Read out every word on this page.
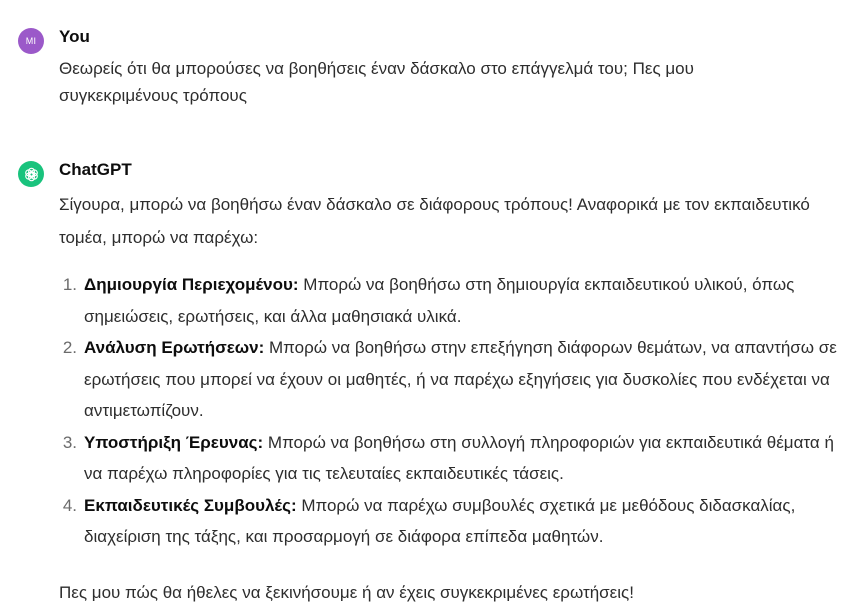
MI	You
Θεωρείς ότι θα μπορούσες να βοηθήσεις έναν δάσκαλο στο επάγγελμά του; Πες μου συγκεκριμένους τρόπους
ChatGPT
Σίγουρα, μπορώ να βοηθήσω έναν δάσκαλο σε διάφορους τρόπους! Αναφορικά με τον εκπαιδευτικό τομέα, μπορώ να παρέχω:
1. Δημιουργία Περιεχομένου: Μπορώ να βοηθήσω στη δημιουργία εκπαιδευτικού υλικού, όπως σημειώσεις, ερωτήσεις, και άλλα μαθησιακά υλικά.
2. Ανάλυση Ερωτήσεων: Μπορώ να βοηθήσω στην επεξήγηση διάφορων θεμάτων, να απαντήσω σε ερωτήσεις που μπορεί να έχουν οι μαθητές, ή να παρέχω εξηγήσεις για δυσκολίες που ενδέχεται να αντιμετωπίζουν.
3. Υποστήριξη Έρευνας: Μπορώ να βοηθήσω στη συλλογή πληροφοριών για εκπαιδευτικά θέματα ή να παρέχω πληροφορίες για τις τελευταίες εκπαιδευτικές τάσεις.
4. Εκπαιδευτικές Συμβουλές: Μπορώ να παρέχω συμβουλές σχετικά με μεθόδους διδασκαλίας, διαχείριση της τάξης, και προσαρμογή σε διάφορα επίπεδα μαθητών.
Πες μου πώς θα ήθελες να ξεκινήσουμε ή αν έχεις συγκεκριμένες ερωτήσεις!
